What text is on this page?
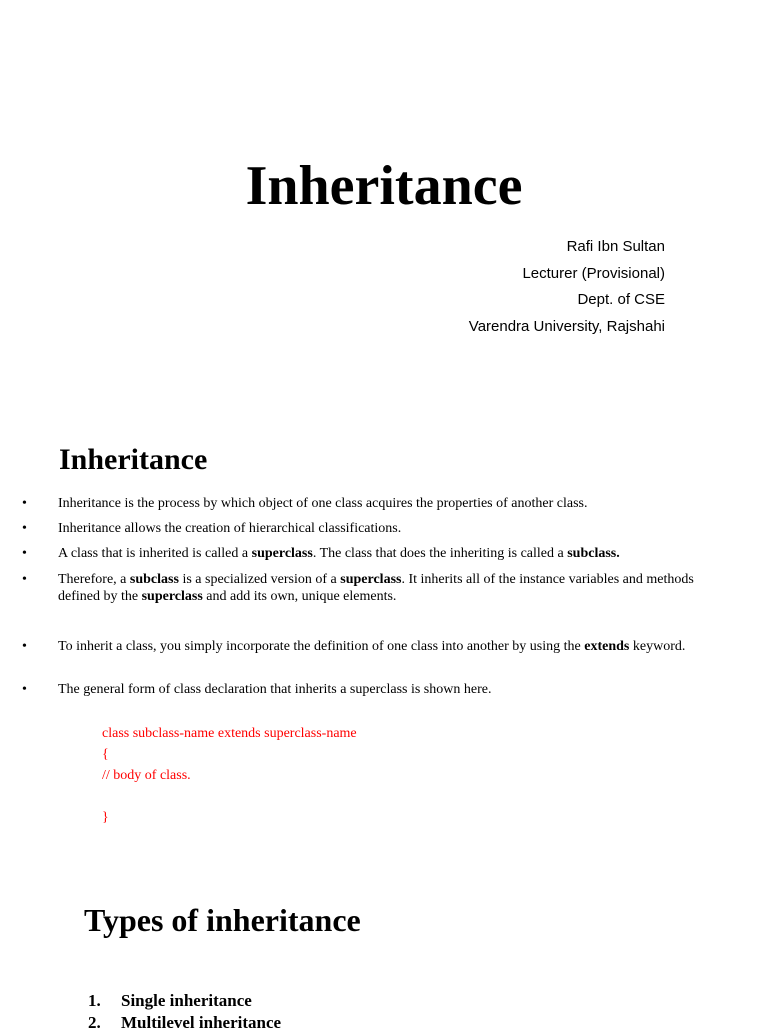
Inheritance
Rafi Ibn Sultan
Lecturer (Provisional)
Dept. of CSE
Varendra University, Rajshahi
Inheritance
• Inheritance is the process by which object of one class acquires the properties of another class.
• Inheritance allows the creation of hierarchical classifications.
• A class that is inherited is called a superclass. The class that does the inheriting is called a subclass.
• Therefore, a subclass is a specialized version of a superclass. It inherits all of the instance variables and methods defined by the superclass and add its own, unique elements.
• To inherit a class, you simply incorporate the definition of one class into another by using the extends keyword.
• The general form of class declaration that inherits a superclass is shown here.
class subclass-name extends superclass-name
{
// body of class.
}
Types of inheritance
1. Single inheritance
2. Multilevel inheritance
